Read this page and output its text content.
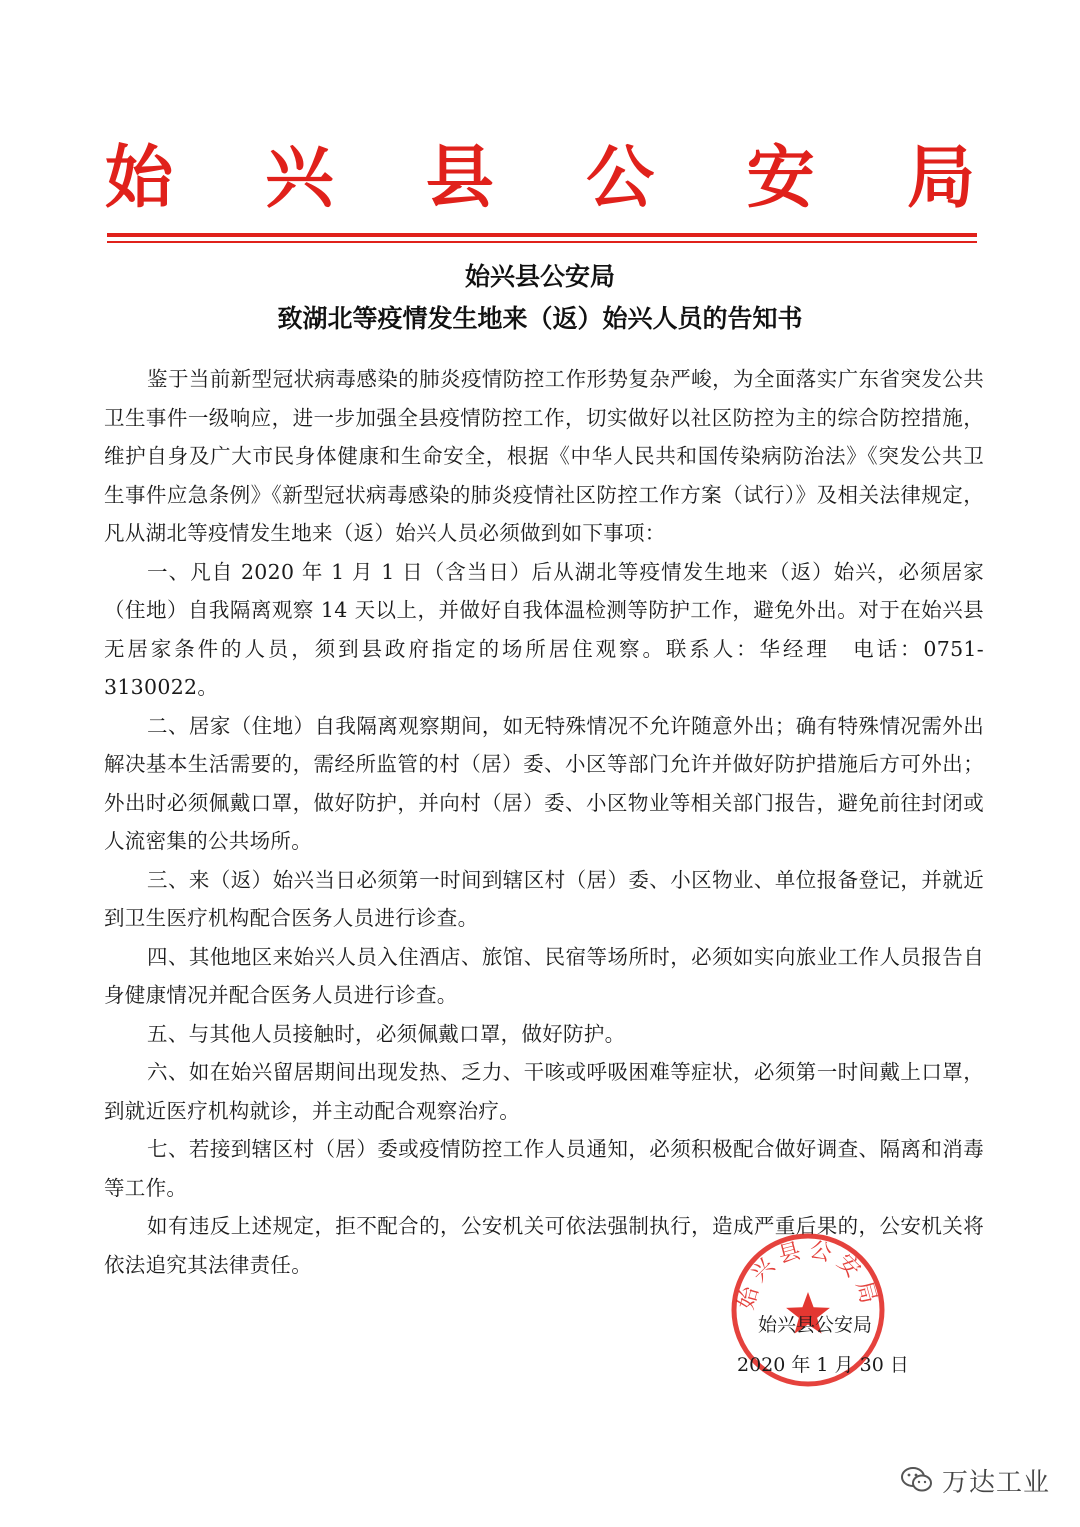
始 兴 县 公 安 局
始兴县公安局
致湖北等疫情发生地来（返）始兴人员的告知书

鉴于当前新型冠状病毒感染的肺炎疫情防控工作形势复杂严峻，为全面落实广东省突发公共卫生事件一级响应，进一步加强全县疫情防控工作，切实做好以社区防控为主的综合防控措施，维护自身及广大市民身体健康和生命安全，根据《中华人民共和国传染病防治法》《突发公共卫生事件应急条例》《新型冠状病毒感染的肺炎疫情社区防控工作方案（试行）》及相关法律规定，凡从湖北等疫情发生地来（返）始兴人员必须做到如下事项：

一、凡自 2020 年 1 月 1 日（含当日）后从湖北等疫情发生地来（返）始兴，必须居家（住地）自我隔离观察 14 天以上，并做好自我体温检测等防护工作，避免外出。对于在始兴县无居家条件的人员，须到县政府指定的场所居住观察。联系人：华经理　电话：0751-3130022。

二、居家（住地）自我隔离观察期间，如无特殊情况不允许随意外出；确有特殊情况需外出解决基本生活需要的，需经所监管的村（居）委、小区等部门允许并做好防护措施后方可外出；外出时必须佩戴口罩，做好防护，并向村（居）委、小区物业等相关部门报告，避免前往封闭或人流密集的公共场所。

三、来（返）始兴当日必须第一时间到辖区村（居）委、小区物业、单位报备登记，并就近到卫生医疗机构配合医务人员进行诊查。

四、其他地区来始兴人员入住酒店、旅馆、民宿等场所时，必须如实向旅业工作人员报告自身健康情况并配合医务人员进行诊查。

五、与其他人员接触时，必须佩戴口罩，做好防护。

六、如在始兴留居期间出现发热、乏力、干咳或呼吸困难等症状，必须第一时间戴上口罩，到就近医疗机构就诊，并主动配合观察治疗。

七、若接到辖区村（居）委或疫情防控工作人员通知，必须积极配合做好调查、隔离和消毒等工作。

如有违反上述规定，拒不配合的，公安机关可依法强制执行，造成严重后果的，公安机关将依法追究其法律责任。

始兴县公安局
始兴县公安局
2020 年 1 月 30 日
万达工业
